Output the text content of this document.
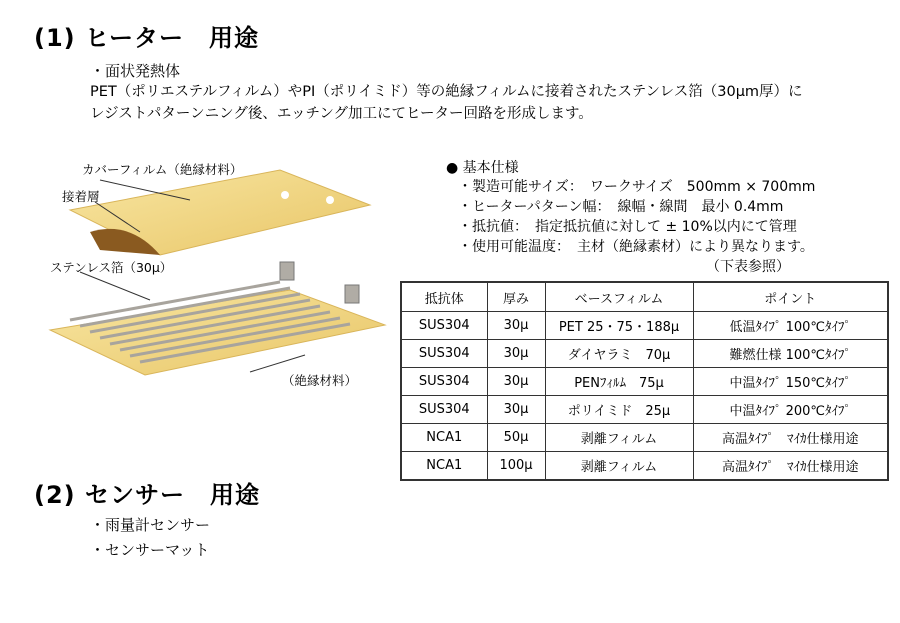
(1) ヒーター　用途
・面状発熱体
PET（ポリエステルフィルム）やPI（ポリイミド）等の絶縁フィルムに接着されたステンレス箔（30μm厚）に
レジストパターンニング後、エッチング加工にてヒーター回路を形成します。
カバーフィルム（絶縁材料）
接着層
ステンレス箔（30μ）
（絶縁材料）
● 基本仕様
・製造可能サイズ：　ワークサイズ　500mm × 700mm
・ヒーターパターン幅：　線幅・線間　最小 0.4mm
・抵抗値：　指定抵抗値に対して ± 10%以内にて管理
・使用可能温度：　主材（絶縁素材）により異なります。
（下表参照）
抵抗体	厚み	ベースフィルム	ポイント
SUS304	30μ	PET 25・75・188μ	低温ﾀｲﾌﾟ 100℃ﾀｲﾌﾟ
SUS304	30μ	ダイヤラミ　70μ	難燃仕様 100℃ﾀｲﾌﾟ
SUS304	30μ	PENﾌｨﾙﾑ　75μ	中温ﾀｲﾌﾟ 150℃ﾀｲﾌﾟ
SUS304	30μ	ポリイミド　25μ	中温ﾀｲﾌﾟ 200℃ﾀｲﾌﾟ
NCA1	50μ	剥離フィルム	高温ﾀｲﾌﾟ　ﾏｲｶ仕様用途
NCA1	100μ	剥離フィルム	高温ﾀｲﾌﾟ　ﾏｲｶ仕様用途
(2) センサー　用途
・雨量計センサー
・センサーマット
